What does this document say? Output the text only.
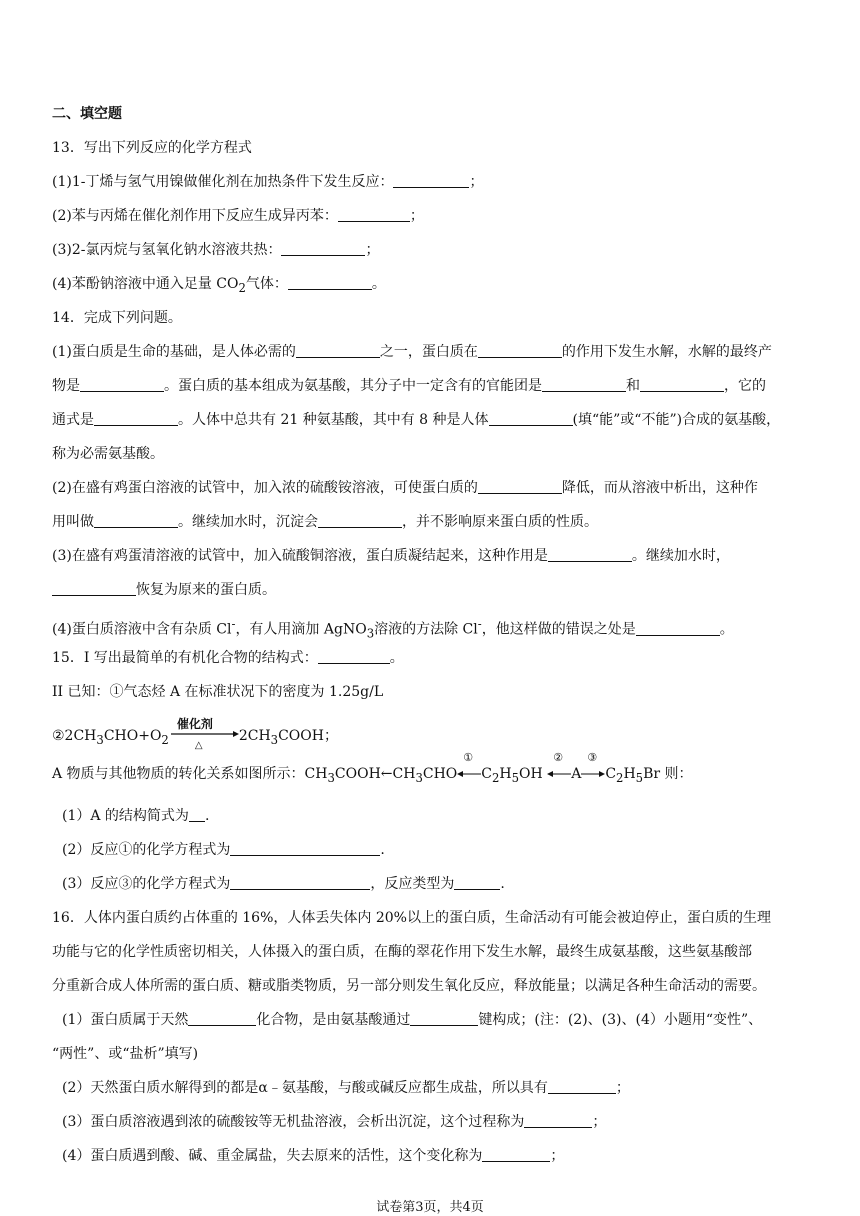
二、填空题

13．写出下列反应的化学方程式

(1)1-丁烯与氢气用镍做催化剂在加热条件下发生反应：	；

(2)苯与丙烯在催化剂作用下反应生成异丙苯：	；

(3)2-氯丙烷与氢氧化钠水溶液共热：	；

(4)苯酚钠溶液中通入足量 $CO_2$气体：	。

14．完成下列问题。

(1)蛋白质是生命的基础，是人体必需的	之一，蛋白质在	的作用下发生水解，水解的最终产

物是	。蛋白质的基本组成为氨基酸，其分子中一定含有的官能团是	和	，它的

通式是	。人体中总共有 21 种氨基酸，其中有 8 种是人体	(填“能”或“不能”)合成的氨基酸，

称为必需氨基酸。

(2)在盛有鸡蛋白溶液的试管中，加入浓的硫酸铵溶液，可使蛋白质的	降低，而从溶液中析出，这种作

用叫做	。继续加水时，沉淀会	，并不影响原来蛋白质的性质。

(3)在盛有鸡蛋清溶液的试管中，加入硫酸铜溶液，蛋白质凝结起来，这种作用是	。继续加水时，

恢复为原来的蛋白质。

(4)蛋白质溶液中含有杂质 Cl-，有人用滴加 AgNO$_3$溶液的方法除 Cl-，他这样做的错误之处是	。

15．I 写出最简单的有机化合物的结构式：	。

II 已知：①气态烃 A 在标准状况下的密度为 1.25g/L

$②2CH_3CHO+O_2$
催化剂
△
$2CH_3COOH$；

A 物质与其他物质的转化关系如图所示：$CH_3COOH\leftarrow CH_3CHO$
①
$C_2H_5OH$
②
A
③
$C_2H_5Br$ 则：

(1）A 的结构简式为 .

(2）反应①的化学方程式为	.

(3）反应③的化学方程式为	，反应类型为	.

16．人体内蛋白质约占体重的 16%，人体丢失体内 20%以上的蛋白质，生命活动有可能会被迫停止，蛋白质的生理

功能与它的化学性质密切相关，人体摄入的蛋白质，在酶的翠花作用下发生水解，最终生成氨基酸，这些氨基酸部

分重新合成人体所需的蛋白质、糖或脂类物质，另一部分则发生氧化反应，释放能量；以满足各种生命活动的需要。

(1）蛋白质属于天然	化合物，是由氨基酸通过	键构成；(注：(2)、(3)、(4）小题用“变性”、

“两性”、或“盐析”填写)

(2）天然蛋白质水解得到的都是α﹣氨基酸，与酸或碱反应都生成盐，所以具有	；

(3）蛋白质溶液遇到浓的硫酸铵等无机盐溶液，会析出沉淀，这个过程称为	；

(4）蛋白质遇到酸、碱、重金属盐，失去原来的活性，这个变化称为	；

试卷第3页，共4页
